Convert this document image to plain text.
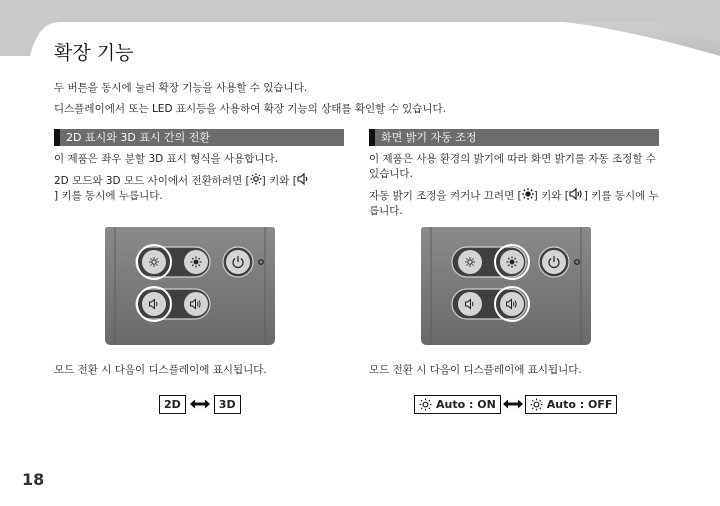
확장 기능

두 버튼을 동시에 눌러 확장 기능을 사용할 수 있습니다.

디스플레이에서 또는 LED 표시등을 사용하여 확장 기능의 상태를 확인할 수 있습니다.

2D 표시와 3D 표시 간의 전환

이 제품은 좌우 분할 3D 표시 형식을 사용합니다.

2D 모드와 3D 모드 사이에서 전환하려면 [ ] 키와 [
] 키를 동시에 누릅니다.

화면 밝기 자동 조정

이 제품은 사용 환경의 밝기에 따라 화면 밝기를 자동 조정할 수 있습니다.

자동 밝기 조정을 켜거나 끄려면 [ ] 키와 [ ] 키를 동시에 누릅니다.

모드 전환 시 다음이 디스플레이에 표시됩니다.	모드 전환 시 다음이 디스플레이에 표시됩니다.

2D	3D	Auto : ON	Auto : OFF
18
